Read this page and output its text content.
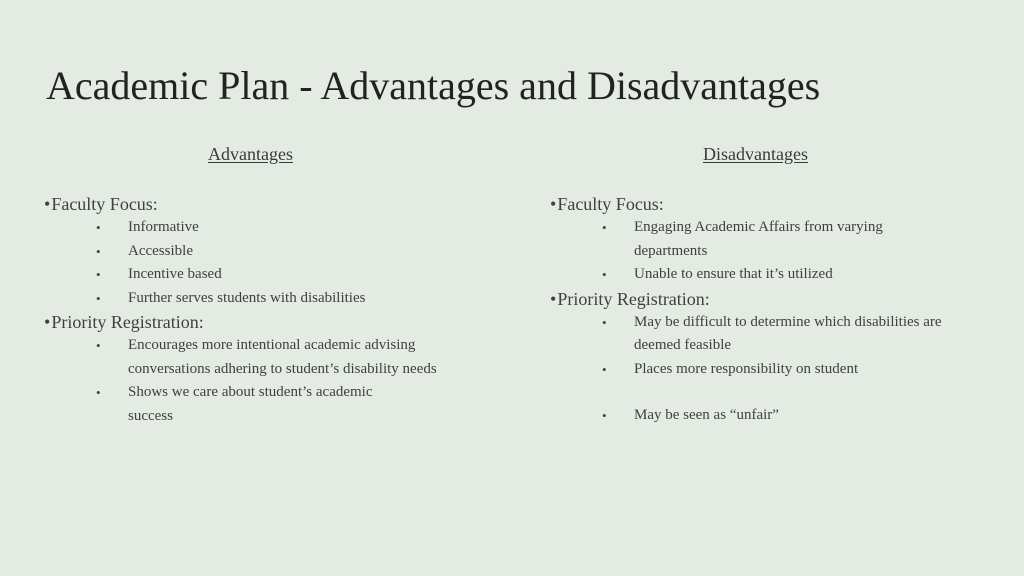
Academic Plan - Advantages and Disadvantages
Advantages	Disadvantages
•Faculty Focus:
• Informative
• Accessible
• Incentive based
• Further serves students with disabilities
•Priority Registration:
• Encourages more intentional academic advising conversations adhering to student’s disability needs
• Shows we care about student’s academic success
•Faculty Focus:
• Engaging Academic Affairs from varying departments
• Unable to ensure that it’s utilized
•Priority Registration:
• May be difficult to determine which disabilities are deemed feasible
• Places more responsibility on student
• May be seen as “unfair”
